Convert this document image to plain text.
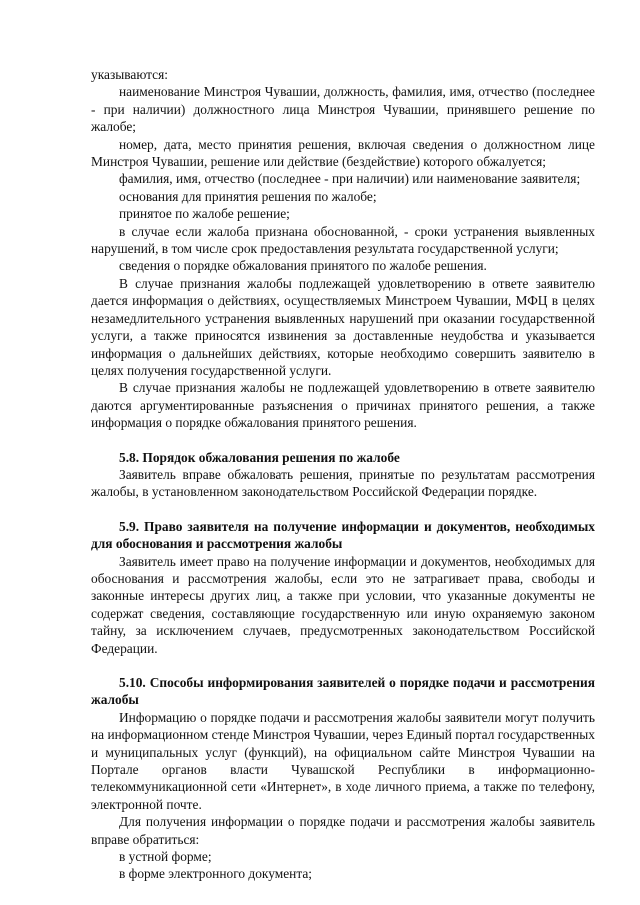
указываются:

наименование Минстроя Чувашии, должность, фамилия, имя, отчество (последнее - при наличии) должностного лица Минстроя Чувашии, принявшего решение по жалобе;

номер, дата, место принятия решения, включая сведения о должностном лице Минстроя Чувашии, решение или действие (бездействие) которого обжалуется;

фамилия, имя, отчество (последнее - при наличии) или наименование заявителя;

основания для принятия решения по жалобе;

принятое по жалобе решение;

в случае если жалоба признана обоснованной, - сроки устранения выявленных нарушений, в том числе срок предоставления результата государственной услуги;

сведения о порядке обжалования принятого по жалобе решения.

В случае признания жалобы подлежащей удовлетворению в ответе заявителю дается информация о действиях, осуществляемых Минстроем Чувашии, МФЦ в целях незамедлительного устранения выявленных нарушений при оказании государственной услуги, а также приносятся извинения за доставленные неудобства и указывается информация о дальнейших действиях, которые необходимо совершить заявителю в целях получения государственной услуги.

В случае признания жалобы не подлежащей удовлетворению в ответе заявителю даются аргументированные разъяснения о причинах принятого решения, а также информация о порядке обжалования принятого решения.

5.8. Порядок обжалования решения по жалобе

Заявитель вправе обжаловать решения, принятые по результатам рассмотрения жалобы, в установленном законодательством Российской Федерации порядке.

5.9. Право заявителя на получение информации и документов, необходимых для обоснования и рассмотрения жалобы

Заявитель имеет право на получение информации и документов, необходимых для обоснования и рассмотрения жалобы, если это не затрагивает права, свободы и законные интересы других лиц, а также при условии, что указанные документы не содержат сведения, составляющие государственную или иную охраняемую законом тайну, за исключением случаев, предусмотренных законодательством Российской Федерации.

5.10. Способы информирования заявителей о порядке подачи и рассмотрения жалобы

Информацию о порядке подачи и рассмотрения жалобы заявители могут получить на информационном стенде Минстроя Чувашии, через Единый портал государственных и муниципальных услуг (функций), на официальном сайте Минстроя Чувашии на Портале органов власти Чувашской Республики в информационно-телекоммуникационной сети «Интернет», в ходе личного приема, а также по телефону, электронной почте.

Для получения информации о порядке подачи и рассмотрения жалобы заявитель вправе обратиться:

в устной форме;

в форме электронного документа;
